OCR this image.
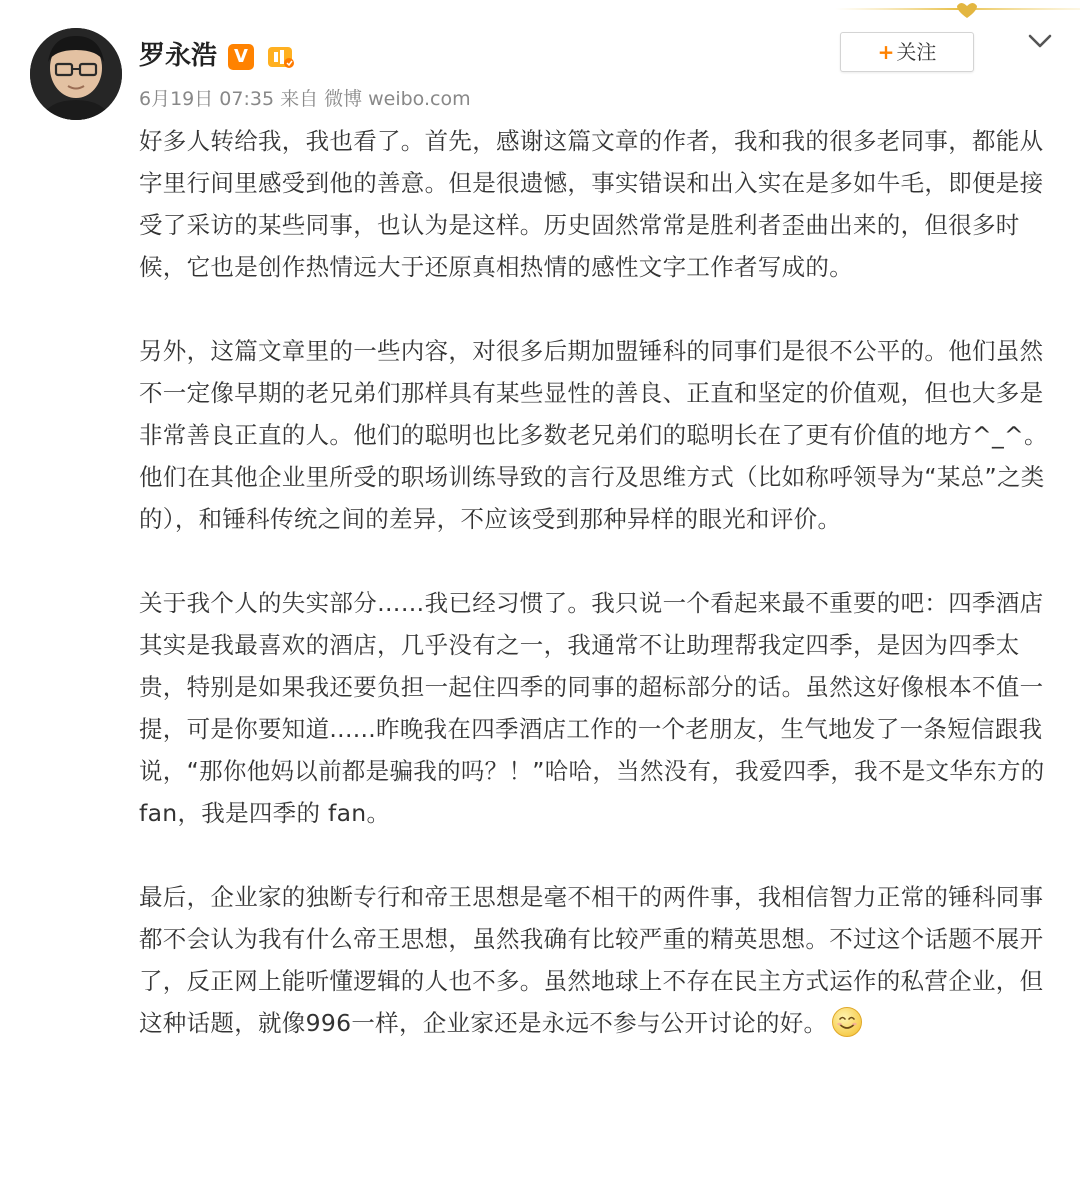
罗永浩 V
6月19日 07:35 来自 微博 weibo.com
+ 关注

好多人转给我，我也看了。首先，感谢这篇文章的作者，我和我的很多老同事，都能从字里行间里感受到他的善意。但是很遗憾，事实错误和出入实在是多如牛毛，即便是接受了采访的某些同事，也认为是这样。历史固然常常是胜利者歪曲出来的，但很多时候，它也是创作热情远大于还原真相热情的感性文字工作者写成的。

另外，这篇文章里的一些内容，对很多后期加盟锤科的同事们是很不公平的。他们虽然不一定像早期的老兄弟们那样具有某些显性的善良、正直和坚定的价值观，但也大多是非常善良正直的人。他们的聪明也比多数老兄弟们的聪明长在了更有价值的地方^_^。他们在其他企业里所受的职场训练导致的言行及思维方式（比如称呼领导为“某总”之类的），和锤科传统之间的差异，不应该受到那种异样的眼光和评价。

关于我个人的失实部分……我已经习惯了。我只说一个看起来最不重要的吧：四季酒店其实是我最喜欢的酒店，几乎没有之一，我通常不让助理帮我定四季，是因为四季太贵，特别是如果我还要负担一起住四季的同事的超标部分的话。虽然这好像根本不值一提，可是你要知道......昨晚我在四季酒店工作的一个老朋友，生气地发了一条短信跟我说，“那你他妈以前都是骗我的吗？！”哈哈，当然没有，我爱四季，我不是文华东方的 fan，我是四季的 fan。

最后，企业家的独断专行和帝王思想是毫不相干的两件事，我相信智力正常的锤科同事都不会认为我有什么帝王思想，虽然我确有比较严重的精英思想。不过这个话题不展开了，反正网上能听懂逻辑的人也不多。虽然地球上不存在民主方式运作的私营企业，但这种话题，就像996一样，企业家还是永远不参与公开讨论的好。
